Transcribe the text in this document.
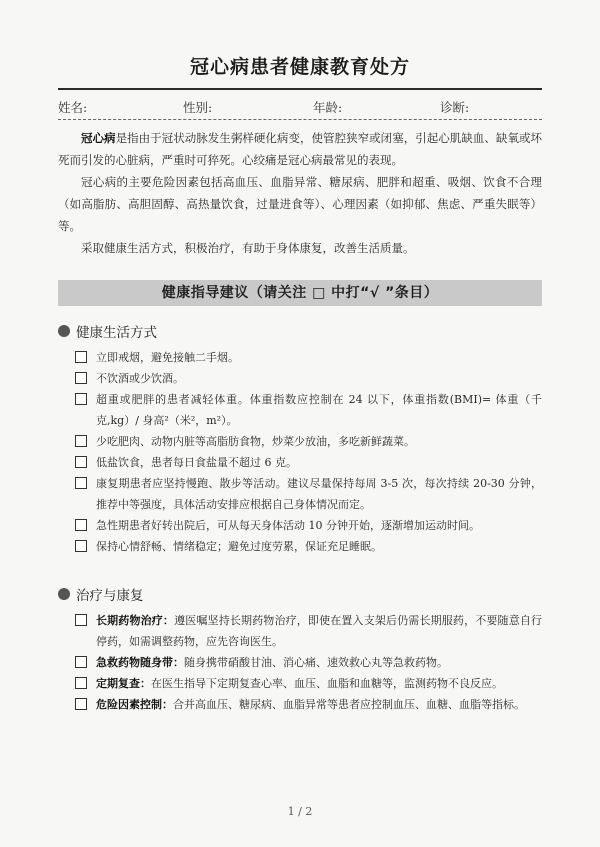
冠心病患者健康教育处方
姓名:	性别:	年龄:	诊断:

冠心病是指由于冠状动脉发生粥样硬化病变，使管腔狭窄或闭塞，引起心肌缺血、缺氧或坏死而引发的心脏病，严重时可猝死。心绞痛是冠心病最常见的表现。

冠心病的主要危险因素包括高血压、血脂异常、糖尿病、肥胖和超重、吸烟、饮食不合理（如高脂肪、高胆固醇、高热量饮食，过量进食等）、心理因素（如抑郁、焦虑、严重失眠等）等。

采取健康生活方式，积极治疗，有助于身体康复，改善生活质量。

健康指导建议（请关注 □ 中打“√ ”条目）
健康生活方式
立即戒烟，避免接触二手烟。
不饮酒或少饮酒。
超重或肥胖的患者减轻体重。体重指数应控制在 24 以下，体重指数(BMI)= 体重（千克,kg）/ 身高²（米²，m²）。
少吃肥肉、动物内脏等高脂肪食物，炒菜少放油，多吃新鲜蔬菜。
低盐饮食，患者每日食盐量不超过 6 克。
康复期患者应坚持慢跑、散步等活动。建议尽量保持每周 3-5 次，每次持续 20-30 分钟，推荐中等强度，具体活动安排应根据自己身体情况而定。
急性期患者好转出院后，可从每天身体活动 10 分钟开始，逐渐增加运动时间。
保持心情舒畅、情绪稳定；避免过度劳累，保证充足睡眠。
治疗与康复
长期药物治疗：遵医嘱坚持长期药物治疗，即使在置入支架后仍需长期服药，不要随意自行停药，如需调整药物，应先咨询医生。
急救药物随身带：随身携带硝酸甘油、消心痛、速效救心丸等急救药物。
定期复查：在医生指导下定期复查心率、血压、血脂和血糖等，监测药物不良反应。
危险因素控制：合并高血压、糖尿病、血脂异常等患者应控制血压、血糖、血脂等指标。
1 / 2
